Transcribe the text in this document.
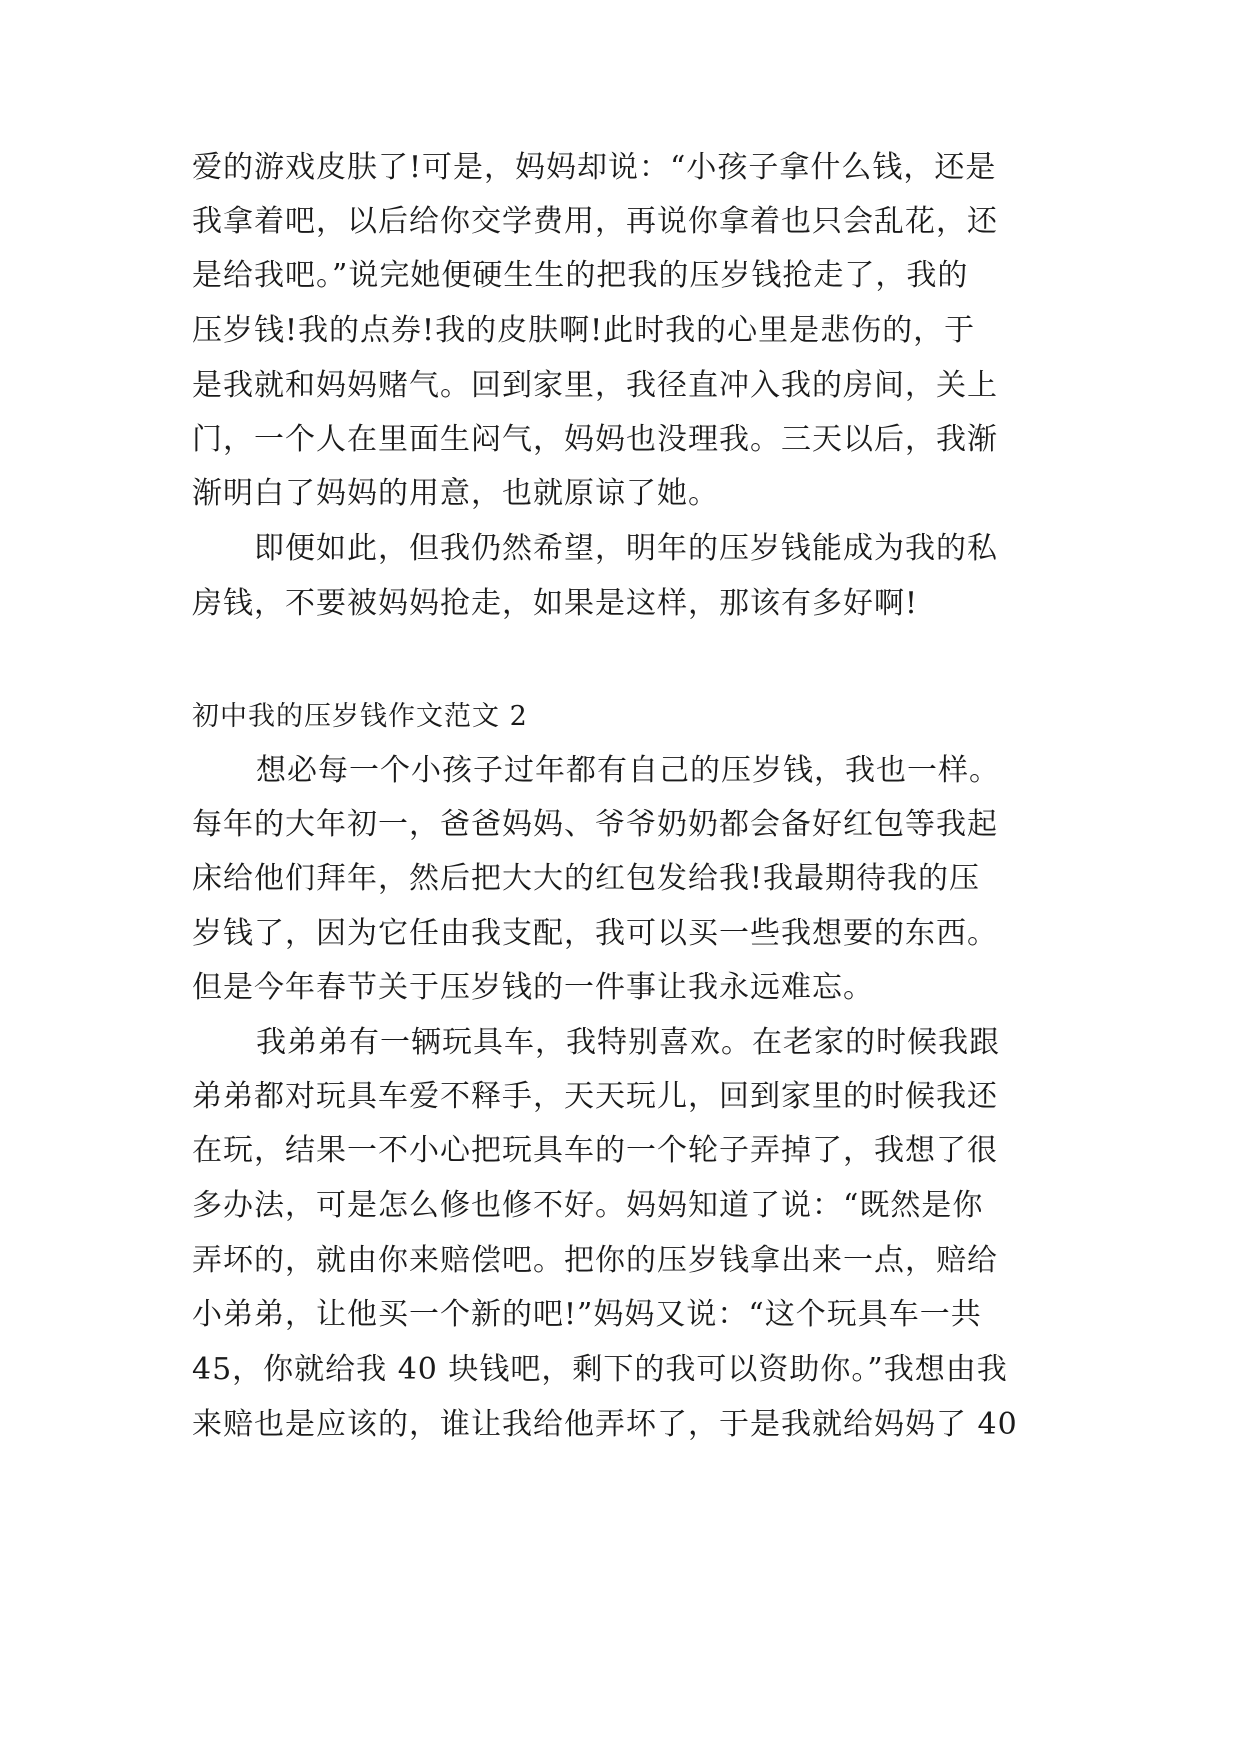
爱的游戏皮肤了!可是，妈妈却说：“小孩子拿什么钱，还是
我拿着吧，以后给你交学费用，再说你拿着也只会乱花，还
是给我吧。”说完她便硬生生的把我的压岁钱抢走了，我的
压岁钱!我的点券!我的皮肤啊!此时我的心里是悲伤的，于
是我就和妈妈赌气。回到家里，我径直冲入我的房间，关上
门，一个人在里面生闷气，妈妈也没理我。三天以后，我渐
渐明白了妈妈的用意，也就原谅了她。
即便如此，但我仍然希望，明年的压岁钱能成为我的私
房钱，不要被妈妈抢走，如果是这样，那该有多好啊!
初中我的压岁钱作文范文 2
想必每一个小孩子过年都有自己的压岁钱，我也一样。
每年的大年初一，爸爸妈妈、爷爷奶奶都会备好红包等我起
床给他们拜年，然后把大大的红包发给我!我最期待我的压
岁钱了，因为它任由我支配，我可以买一些我想要的东西。
但是今年春节关于压岁钱的一件事让我永远难忘。
我弟弟有一辆玩具车，我特别喜欢。在老家的时候我跟
弟弟都对玩具车爱不释手，天天玩儿，回到家里的时候我还
在玩，结果一不小心把玩具车的一个轮子弄掉了，我想了很
多办法，可是怎么修也修不好。妈妈知道了说：“既然是你
弄坏的，就由你来赔偿吧。把你的压岁钱拿出来一点，赔给
小弟弟，让他买一个新的吧!”妈妈又说：“这个玩具车一共
45，你就给我 40 块钱吧，剩下的我可以资助你。”我想由我
来赔也是应该的，谁让我给他弄坏了，于是我就给妈妈了 40
